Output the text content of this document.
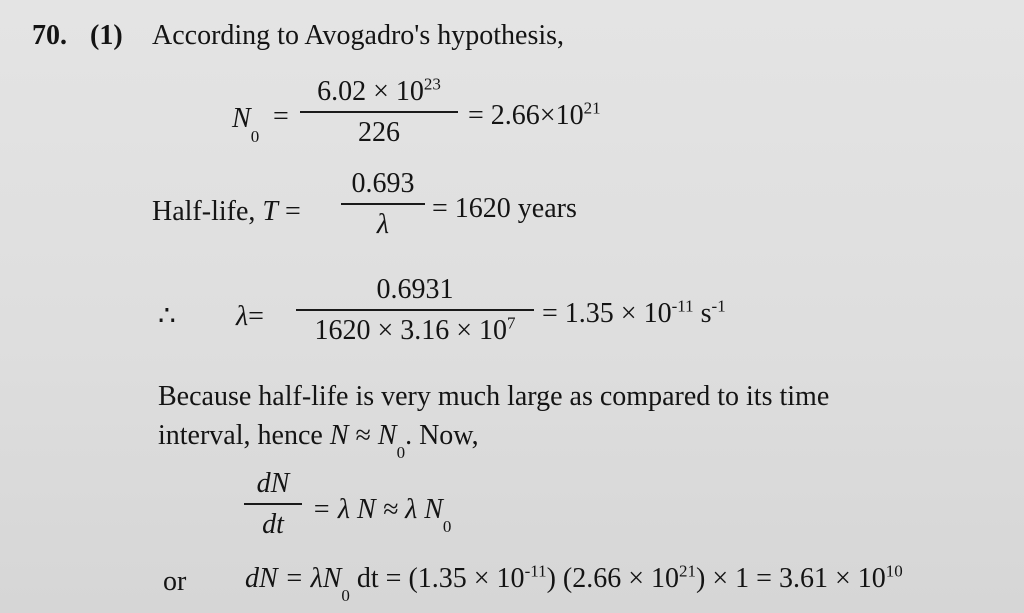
70. (1) According to Avogadro's hypothesis,
$N_0$
=
$6.02 \times 10^{23}$
226
= $2.66\times 10^{21}$
Half-life, T =
0.693
λ
= 1620 years
∴ λ=
0.6931
$1620 \times 3.16 \times 10^7 = 1.35 \times 10^{-11}$ $s^{-1}$
Because half-life is very much large as compared to its time
interval, hence $N \approx N_0$. Now,
dN
dt	= λ N ≈ λ $N_0$
or dN = $\lambda N_0$ dt = $(1.35 \times 10^{-11})$ $(2.66 \times 10^{21}) \times 1 = 3.61 \times 10^{10}$
